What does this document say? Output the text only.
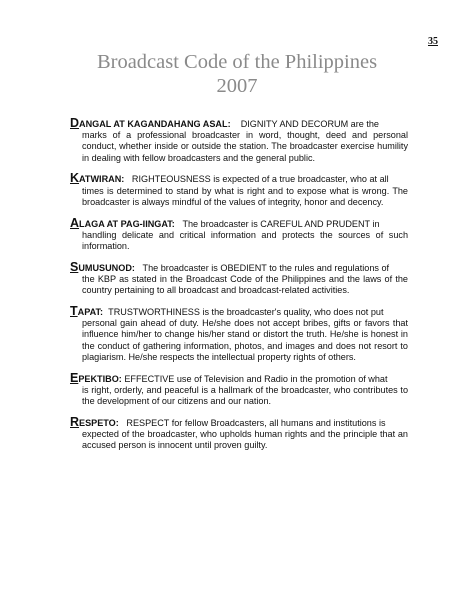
35
Broadcast Code of the Philippines
2007
DANGAL AT KAGANDAHANG ASAL: DIGNITY AND DECORUM are the
marks of a professional broadcaster in word, thought, deed and personal conduct, whether inside or outside the station. The broadcaster exercise humility in dealing with fellow broadcasters and the general public.
KATWIRAN: RIGHTEOUSNESS is expected of a true broadcaster, who at all
times is determined to stand by what is right and to expose what is wrong. The broadcaster is always mindful of the values of integrity, honor and decency.
ALAGA AT PAG-IINGAT: The broadcaster is CAREFUL AND PRUDENT in
handling delicate and critical information and protects the sources of such information.
SUMUSUNOD: The broadcaster is OBEDIENT to the rules and regulations of
the KBP as stated in the Broadcast Code of the Philippines and the laws of the country pertaining to all broadcast and broadcast-related activities.
TAPAT: TRUSTWORTHINESS is the broadcaster's quality, who does not put
personal gain ahead of duty. He/she does not accept bribes, gifts or favors that influence him/her to change his/her stand or distort the truth. He/she is honest in the conduct of gathering information, photos, and images and does not resort to plagiarism. He/she respects the intellectual property rights of others.
EPEKTIBO: EFFECTIVE use of Television and Radio in the promotion of what
is right, orderly, and peaceful is a hallmark of the broadcaster, who contributes to the development of our citizens and our nation.
RESPETO: RESPECT for fellow Broadcasters, all humans and institutions is
expected of the broadcaster, who upholds human rights and the principle that an accused person is innocent until proven guilty.
